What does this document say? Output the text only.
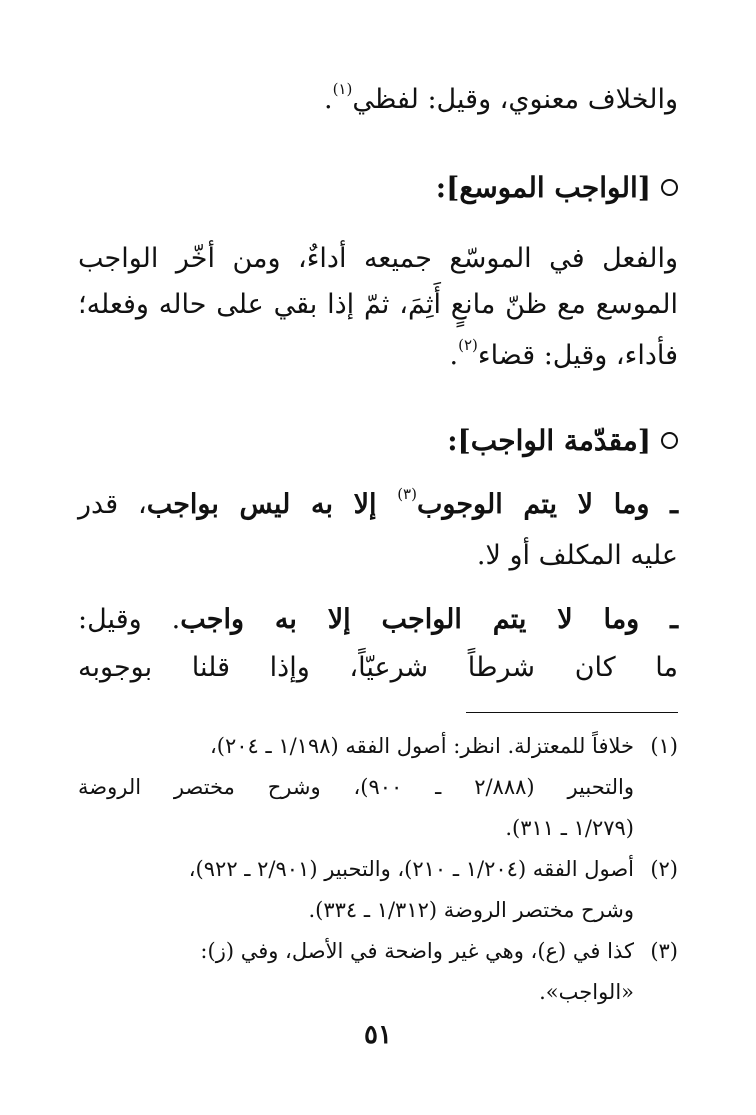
والخلاف معنوي، وقيل: لفظي$^{(١)}$.
[الواجب الموسع]:
والفعل في الموسّع جميعه أداءٌ، ومن أخّر الواجب
الموسع مع ظنّ مانعٍ أَثِمَ، ثمّ إذا بقي على حاله وفعله؛
فأداء، وقيل: قضاء$^{(٢)}$.
[مقدّمة الواجب]:
ـ وما لا يتم الوجوب$^{(٣)}$ إلا به ليس بواجب، قدر
عليه المكلف أو لا.
ـ وما لا يتم الواجب إلا به واجب. وقيل:
ما كان شرطاً شرعيّاً، وإذا قلنا بوجوبه
(١)خلافاً للمعتزلة. انظر: أصول الفقه (١/١٩٨ ـ ٢٠٤)،
والتحبير (٢/٨٨٨ ـ ٩٠٠)، وشرح مختصر الروضة
(١/٢٧٩ ـ ٣١١).
(٢)أصول الفقه (١/٢٠٤ ـ ٢١٠)، والتحبير (٢/٩٠١ ـ ٩٢٢)،
وشرح مختصر الروضة (١/٣١٢ ـ ٣٣٤).
(٣)كذا في (ع)، وهي غير واضحة في الأصل، وفي (ز):
«الواجب».
٥١
